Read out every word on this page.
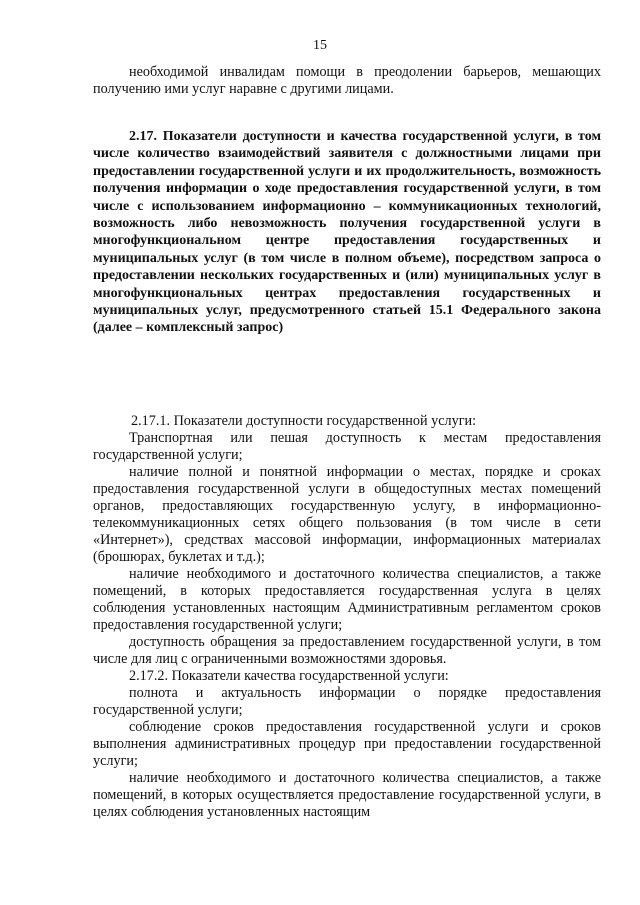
15

необходимой инвалидам помощи в преодолении барьеров, мешающих получению ими услуг наравне с другими лицами.

2.17. Показатели доступности и качества государственной услуги, в том числе количество взаимодействий заявителя с должностными лицами при предоставлении государственной услуги и их продолжительность, возможность получения информации о ходе предоставления государственной услуги, в том числе с использованием информационно – коммуникационных технологий, возможность либо невозможность получения государственной услуги в многофункциональном центре предоставления государственных и муниципальных услуг (в том числе в полном объеме), посредством запроса о предоставлении нескольких государственных и (или) муниципальных услуг в многофункциональных центрах предоставления государственных и муниципальных услуг, предусмотренного статьей 15.1 Федерального закона (далее – комплексный запрос)

2.17.1. Показатели доступности государственной услуги:

Транспортная или пешая доступность к местам предоставления государственной услуги;

наличие полной и понятной информации о местах, порядке и сроках предоставления государственной услуги в общедоступных местах помещений органов, предоставляющих государственную услугу, в информационно-телекоммуникационных сетях общего пользования (в том числе в сети «Интернет»), средствах массовой информации, информационных материалах (брошюрах, буклетах и т.д.);

наличие необходимого и достаточного количества специалистов, а также помещений, в которых предоставляется государственная услуга в целях соблюдения установленных настоящим Административным регламентом сроков предоставления государственной услуги;

доступность обращения за предоставлением государственной услуги, в том числе для лиц с ограниченными возможностями здоровья.

2.17.2. Показатели качества государственной услуги:

полнота и актуальность информации о порядке предоставления государственной услуги;

соблюдение сроков предоставления государственной услуги и сроков выполнения административных процедур при предоставлении государственной услуги;

наличие необходимого и достаточного количества специалистов, а также помещений, в которых осуществляется предоставление государственной услуги, в целях соблюдения установленных настоящим
